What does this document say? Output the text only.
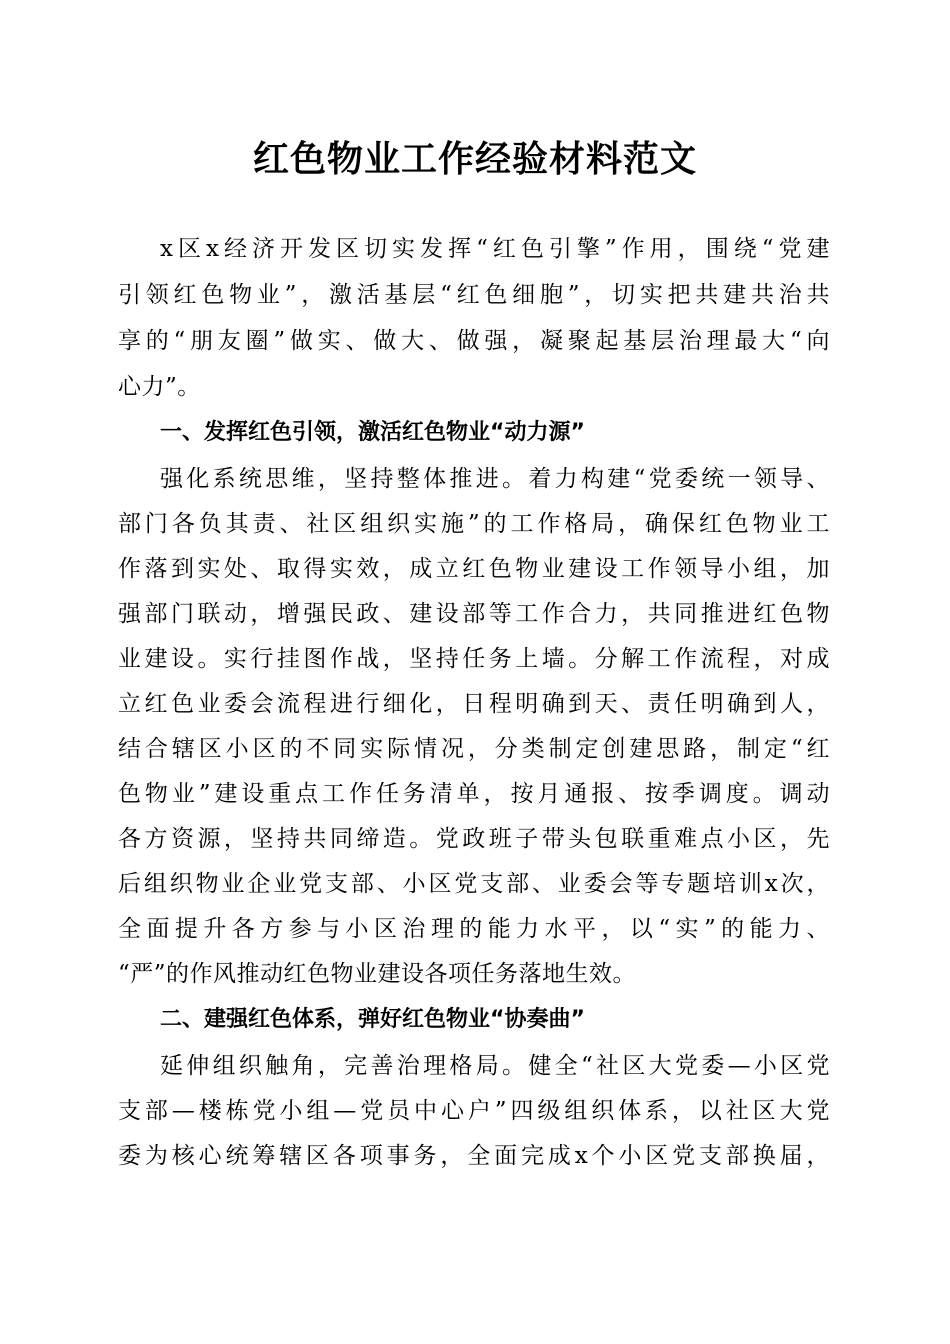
红色物业工作经验材料范文
x区x经济开发区切实发挥“红色引擎”作用，围绕“党建
引领红色物业”，激活基层“红色细胞”，切实把共建共治共
享的“朋友圈”做实、做大、做强，凝聚起基层治理最大“向
心力”。
一、发挥红色引领，激活红色物业“动力源”
强化系统思维，坚持整体推进。着力构建“党委统一领导、
部门各负其责、社区组织实施”的工作格局，确保红色物业工
作落到实处、取得实效，成立红色物业建设工作领导小组，加
强部门联动，增强民政、建设部等工作合力，共同推进红色物
业建设。实行挂图作战，坚持任务上墙。分解工作流程，对成
立红色业委会流程进行细化，日程明确到天、责任明确到人，
结合辖区小区的不同实际情况，分类制定创建思路，制定“红
色物业”建设重点工作任务清单，按月通报、按季调度。调动
各方资源，坚持共同缔造。党政班子带头包联重难点小区，先
后组织物业企业党支部、小区党支部、业委会等专题培训x次，
全面提升各方参与小区治理的能力水平，以“实”的能力、
“严”的作风推动红色物业建设各项任务落地生效。
二、建强红色体系，弹好红色物业“协奏曲”
延伸组织触角，完善治理格局。健全“社区大党委—小区党
支部—楼栋党小组—党员中心户”四级组织体系，以社区大党
委为核心统筹辖区各项事务，全面完成x个小区党支部换届，
